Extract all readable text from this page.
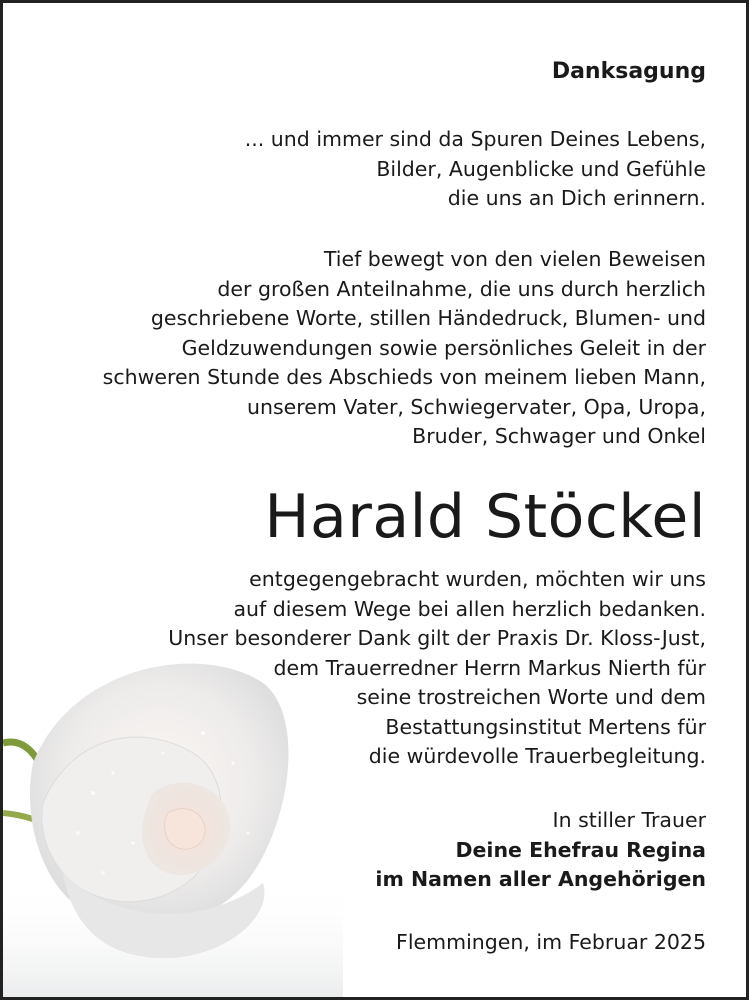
Danksagung
... und immer sind da Spuren Deines Lebens,
Bilder, Augenblicke und Gefühle
die uns an Dich erinnern.
Tief bewegt von den vielen Beweisen
der großen Anteilnahme, die uns durch herzlich
geschriebene Worte, stillen Händedruck, Blumen- und
Geldzuwendungen sowie persönliches Geleit in der
schweren Stunde des Abschieds von meinem lieben Mann,
unserem Vater, Schwiegervater, Opa, Uropa,
Bruder, Schwager und Onkel
Harald Stöckel
entgegengebracht wurden, möchten wir uns
auf diesem Wege bei allen herzlich bedanken.
Unser besonderer Dank gilt der Praxis Dr. Kloss-Just,
dem Trauerredner Herrn Markus Nierth für
seine trostreichen Worte und dem
Bestattungsinstitut Mertens für
die würdevolle Trauerbegleitung.
In stiller Trauer
Deine Ehefrau Regina
im Namen aller Angehörigen
Flemmingen, im Februar 2025
